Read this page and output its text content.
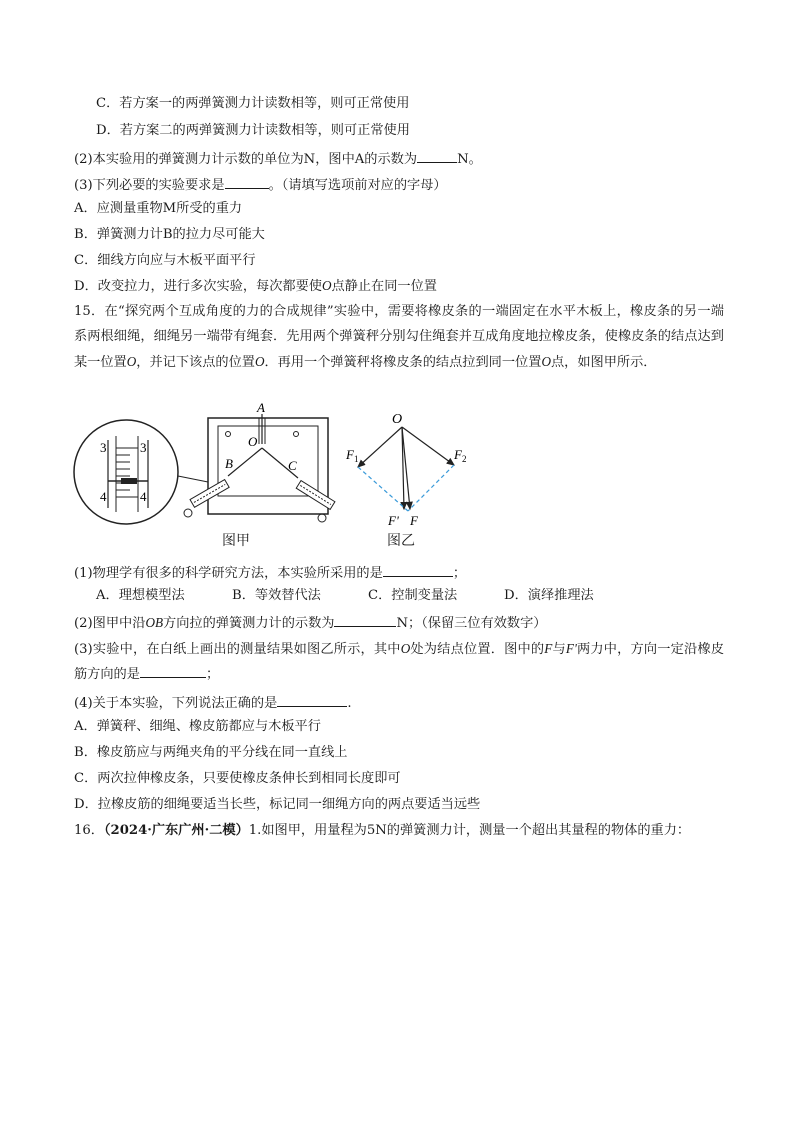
C．若方案一的两弹簧测力计读数相等，则可正常使用
D．若方案二的两弹簧测力计读数相等，则可正常使用
(2)本实验用的弹簧测力计示数的单位为N，图中A的示数为	N。
(3)下列必要的实验要求是	。（请填写选项前对应的字母）
A．应测量重物M所受的重力
B．弹簧测力计B的拉力尽可能大
C．细线方向应与木板平面平行
D．改变拉力，进行多次实验，每次都要使O点静止在同一位置
15．在“探究两个互成角度的力的合成规律”实验中，需要将橡皮条的一端固定在水平木板上，橡皮条的另一端系两根细绳，细绳另一端带有绳套．先用两个弹簧秤分别勾住绳套并互成角度地拉橡皮条，使橡皮条的结点达到某一位置O，并记下该点的位置O．再用一个弹簧秤将橡皮条的结点拉到同一位置O点，如图甲所示．
3	3
4	4
A
O
B	C
图甲
O
$F_1$	$F_2$
F' F
图乙
(1)物理学有很多的科学研究方法，本实验所采用的是	；
A．理想模型法	B．等效替代法	C．控制变量法	D．演绎推理法
(2)图甲中沿OB方向拉的弹簧测力计的示数为	N；（保留三位有效数字）
(3)实验中，在白纸上画出的测量结果如图乙所示，其中O处为结点位置．图中的F与F'两力中，方向一定沿橡皮筋方向的是	；
(4)关于本实验，下列说法正确的是	.
A．弹簧秤、细绳、橡皮筋都应与木板平行
B．橡皮筋应与两绳夹角的平分线在同一直线上
C．两次拉伸橡皮条，只要使橡皮条伸长到相同长度即可
D．拉橡皮筋的细绳要适当长些，标记同一细绳方向的两点要适当远些
16．（2024·广东广州·二模）1.如图甲，用量程为5N的弹簧测力计，测量一个超出其量程的物体的重力：
